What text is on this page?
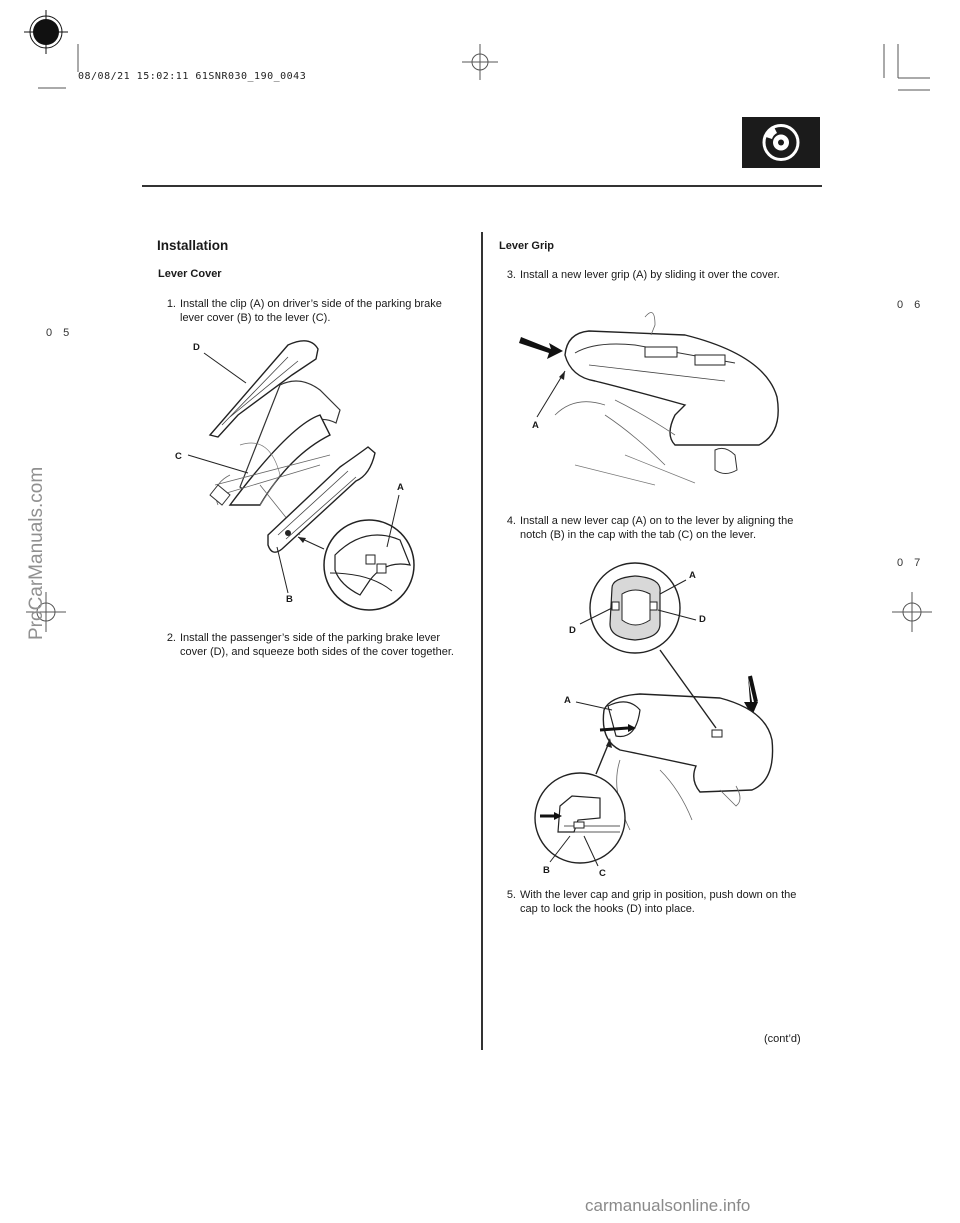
08/08/21 15:02:11 61SNR030_190_0043
0 5
0 6
0 7
Installation
Lever Cover
1. Install the clip (A) on driver’s side of the parking brake lever cover (B) to the lever (C).
D
C
A
B
2. Install the passenger’s side of the parking brake lever cover (D), and squeeze both sides of the cover together.
Lever Grip
3. Install a new lever grip (A) by sliding it over the cover.
A
4. Install a new lever cap (A) on to the lever by aligning the notch (B) in the cap with the tab (C) on the lever.
A
D
D
A
B	C
5. With the lever cap and grip in position, push down on the cap to lock the hooks (D) into place.
(cont’d)
ProCarManuals.com
carmanualsonline.info
